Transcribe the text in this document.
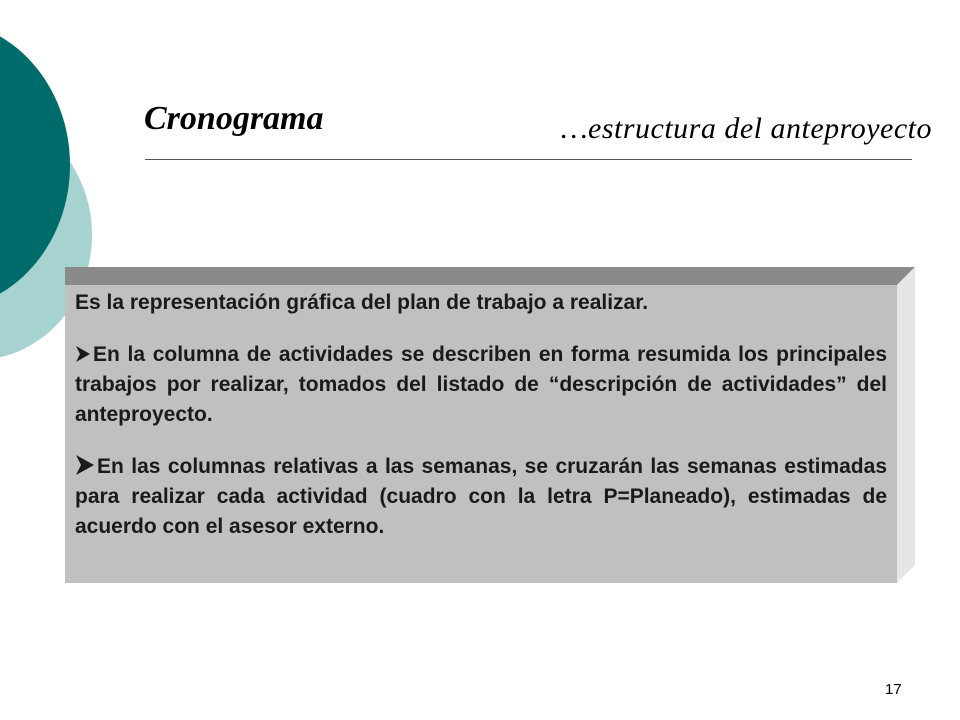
Cronograma	…estructura del anteproyecto

Es la representación gráfica del plan de trabajo a realizar.

En la columna de actividades se describen en forma resumida los principales trabajos por realizar, tomados del listado de “descripción de actividades” del anteproyecto.

En las columnas relativas a las semanas, se cruzarán las semanas estimadas para realizar cada actividad (cuadro con la letra P=Planeado), estimadas de acuerdo con el asesor externo.

17
